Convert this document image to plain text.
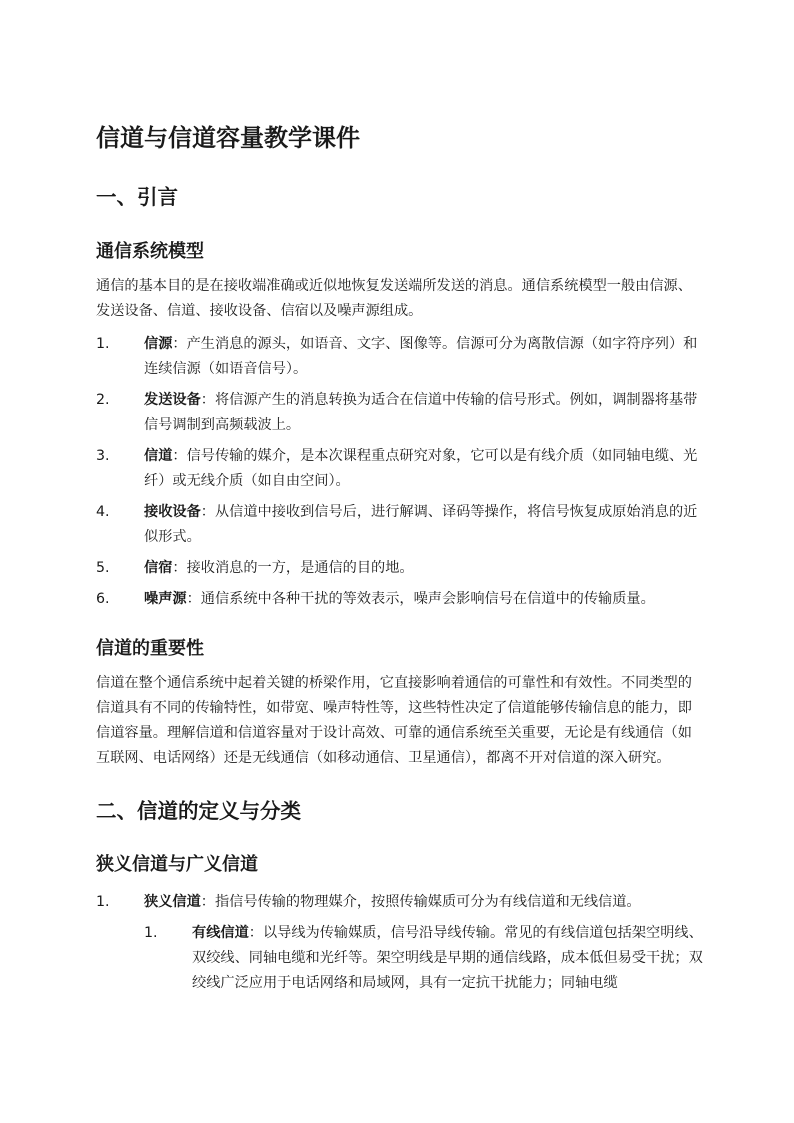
信道与信道容量教学课件
一、引言
通信系统模型

通信的基本目的是在接收端准确或近似地恢复发送端所发送的消息。通信系统模型一般由信源、发送设备、信道、接收设备、信宿以及噪声源组成。

1. 信源：产生消息的源头，如语音、文字、图像等。信源可分为离散信源（如字符序列）和连续信源（如语音信号）。
2. 发送设备：将信源产生的消息转换为适合在信道中传输的信号形式。例如，调制器将基带信号调制到高频载波上。
3. 信道：信号传输的媒介，是本次课程重点研究对象，它可以是有线介质（如同轴电缆、光纤）或无线介质（如自由空间）。
4. 接收设备：从信道中接收到信号后，进行解调、译码等操作，将信号恢复成原始消息的近似形式。
5. 信宿：接收消息的一方，是通信的目的地。
6. 噪声源：通信系统中各种干扰的等效表示，噪声会影响信号在信道中的传输质量。
信道的重要性

信道在整个通信系统中起着关键的桥梁作用，它直接影响着通信的可靠性和有效性。不同类型的信道具有不同的传输特性，如带宽、噪声特性等，这些特性决定了信道能够传输信息的能力，即信道容量。理解信道和信道容量对于设计高效、可靠的通信系统至关重要，无论是有线通信（如互联网、电话网络）还是无线通信（如移动通信、卫星通信），都离不开对信道的深入研究。

二、信道的定义与分类
狭义信道与广义信道
1. 狭义信道：指信号传输的物理媒介，按照传输媒质可分为有线信道和无线信道。
1. 有线信道：以导线为传输媒质，信号沿导线传输。常见的有线信道包括架空明线、双绞线、同轴电缆和光纤等。架空明线是早期的通信线路，成本低但易受干扰；双绞线广泛应用于电话网络和局域网，具有一定抗干扰能力；同轴电缆
